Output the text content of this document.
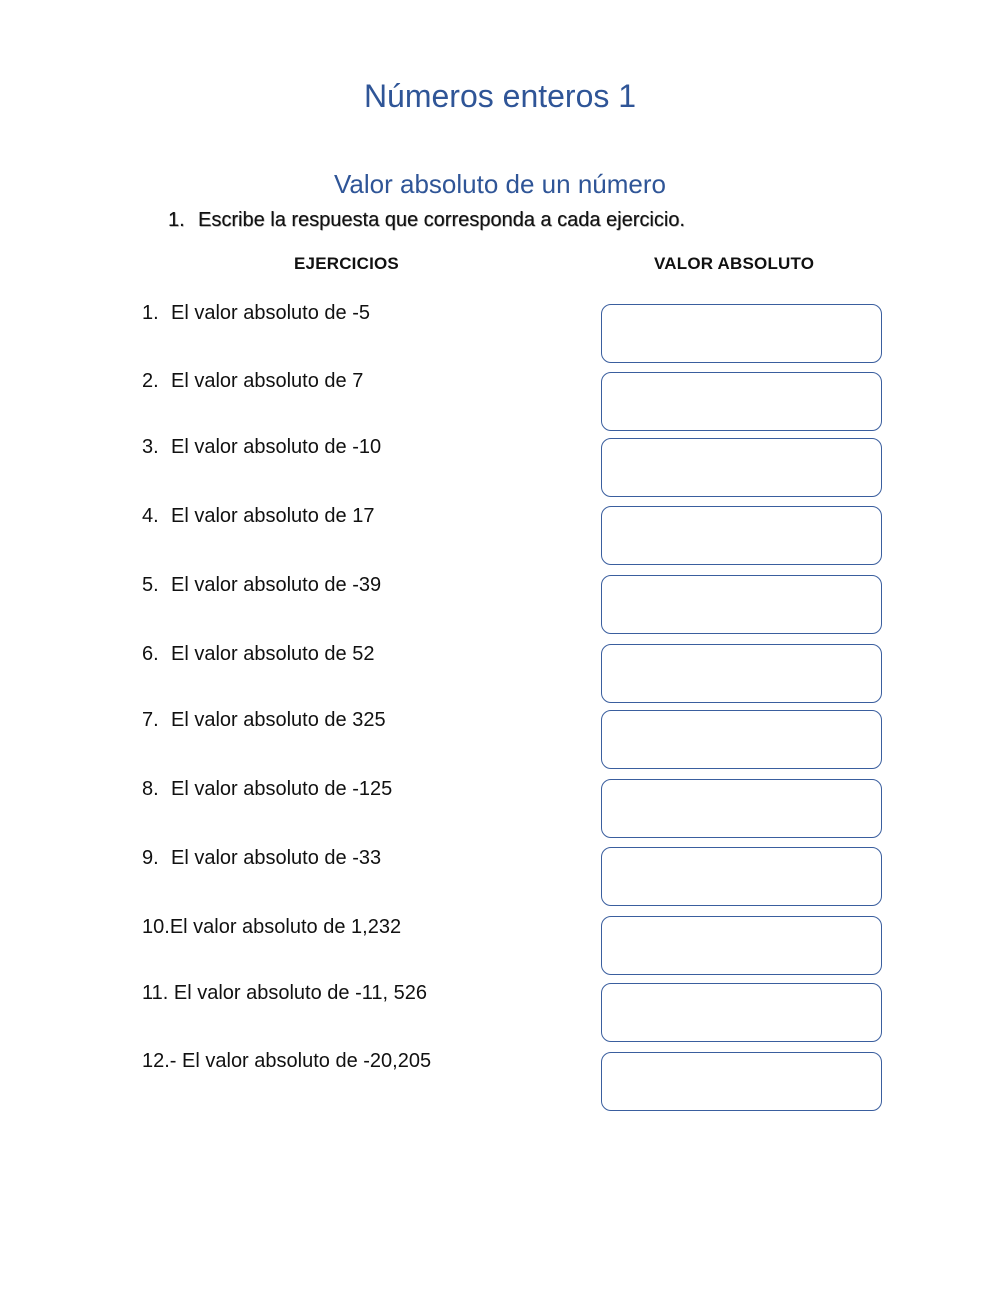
Números enteros 1
Valor absoluto de un número
1. Escribe la respuesta que corresponda a cada ejercicio.
EJERCICIOS	VALOR ABSOLUTO
1. El valor absoluto de -5
2. El valor absoluto de 7
3. El valor absoluto de -10
4. El valor absoluto de 17
5. El valor absoluto de -39
6. El valor absoluto de 52
7. El valor absoluto de 325
8. El valor absoluto de -125
9. El valor absoluto de -33
10.El valor absoluto de 1,232
11. El valor absoluto de -11, 526
12.- El valor absoluto de -20,205
